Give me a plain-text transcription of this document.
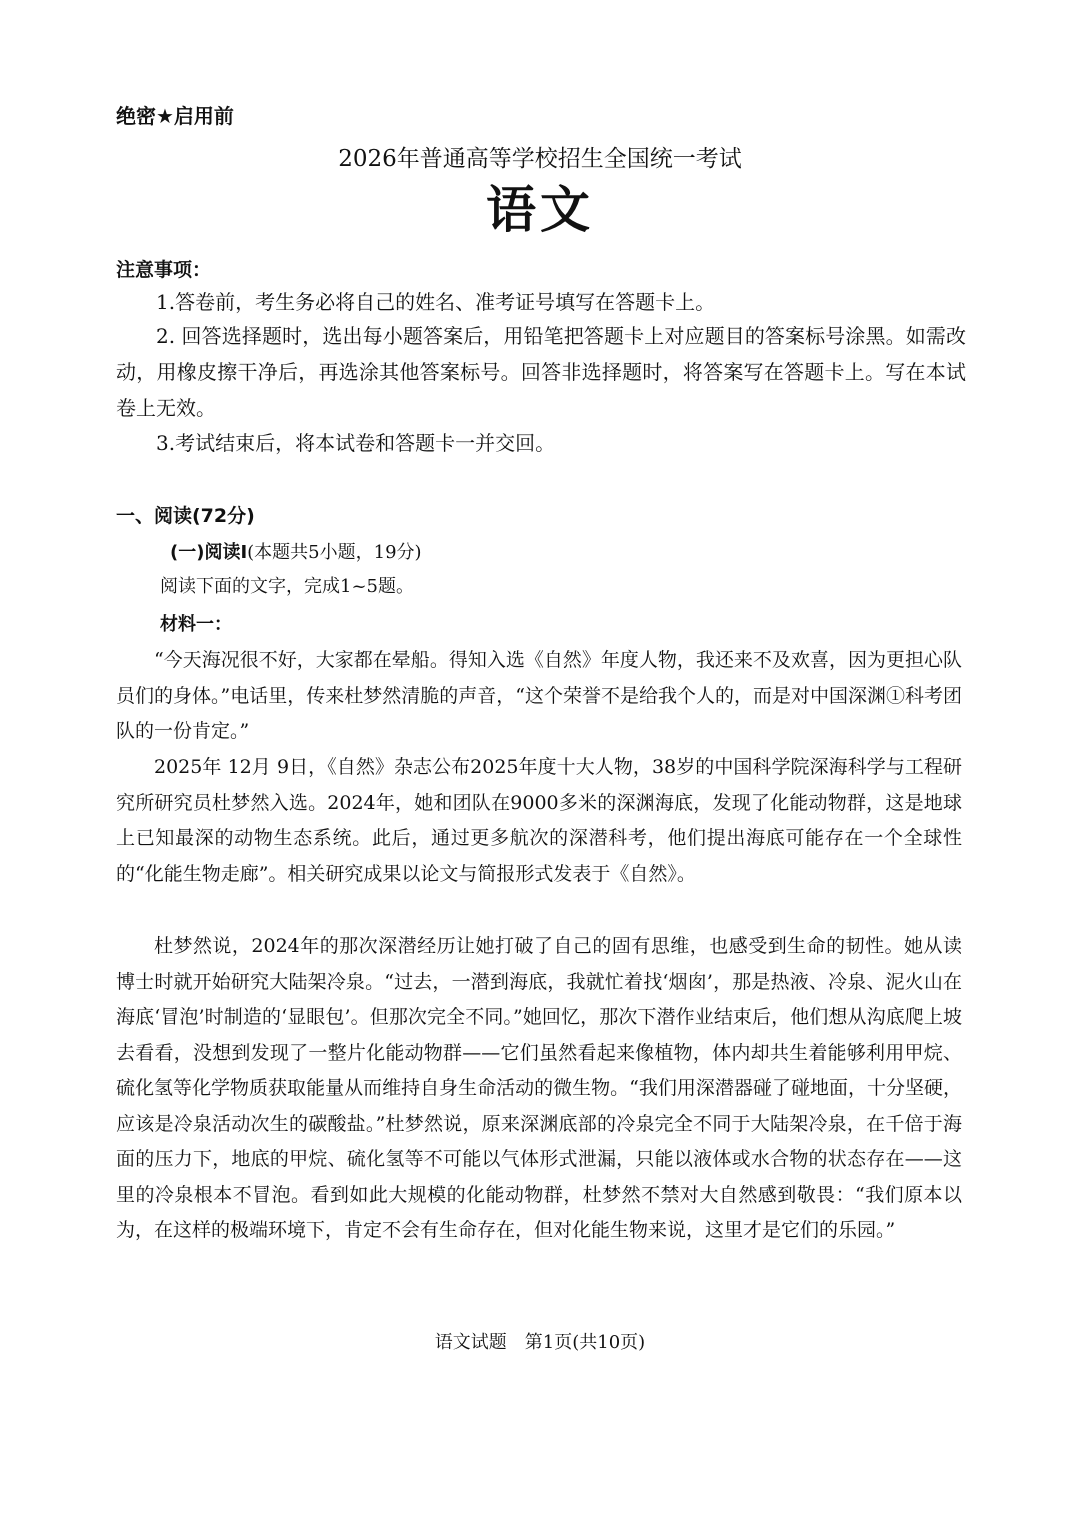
绝密★启用前
2026年普通高等学校招生全国统一考试
语文
注意事项：

1.答卷前，考生务必将自己的姓名、准考证号填写在答题卡上。

2. 回答选择题时，选出每小题答案后，用铅笔把答题卡上对应题目的答案标号涂黑。如需改动，用橡皮擦干净后，再选涂其他答案标号。回答非选择题时，将答案写在答题卡上。写在本试卷上无效。

3.考试结束后，将本试卷和答题卡一并交回。

一、阅读(72分)
(一)阅读Ⅰ(本题共5小题，19分)
阅读下面的文字，完成1~5题。
材料一：

“今天海况很不好，大家都在晕船。得知入选《自然》年度人物，我还来不及欢喜，因为更担心队员们的身体。”电话里，传来杜梦然清脆的声音，“这个荣誉不是给我个人的，而是对中国深渊①科考团队的一份肯定。”

2025年 12月 9日，《自然》杂志公布2025年度十大人物，38岁的中国科学院深海科学与工程研究所研究员杜梦然入选。2024年，她和团队在9000多米的深渊海底，发现了化能动物群，这是地球上已知最深的动物生态系统。此后，通过更多航次的深潜科考，他们提出海底可能存在一个全球性的“化能生物走廊”。相关研究成果以论文与简报形式发表于《自然》。

杜梦然说，2024年的那次深潜经历让她打破了自己的固有思维，也感受到生命的韧性。她从读博士时就开始研究大陆架冷泉。“过去，一潜到海底，我就忙着找‘烟囱’，那是热液、冷泉、泥火山在海底‘冒泡’时制造的‘显眼包’。但那次完全不同。”她回忆，那次下潜作业结束后，他们想从沟底爬上坡去看看，没想到发现了一整片化能动物群——它们虽然看起来像植物，体内却共生着能够利用甲烷、硫化氢等化学物质获取能量从而维持自身生命活动的微生物。“我们用深潜器碰了碰地面，十分坚硬，应该是冷泉活动次生的碳酸盐。”杜梦然说，原来深渊底部的冷泉完全不同于大陆架冷泉，在千倍于海面的压力下，地底的甲烷、硫化氢等不可能以气体形式泄漏，只能以液体或水合物的状态存在——这里的冷泉根本不冒泡。看到如此大规模的化能动物群，杜梦然不禁对大自然感到敬畏：“我们原本以为，在这样的极端环境下，肯定不会有生命存在，但对化能生物来说，这里才是它们的乐园。”

语文试题　第1页(共10页)
